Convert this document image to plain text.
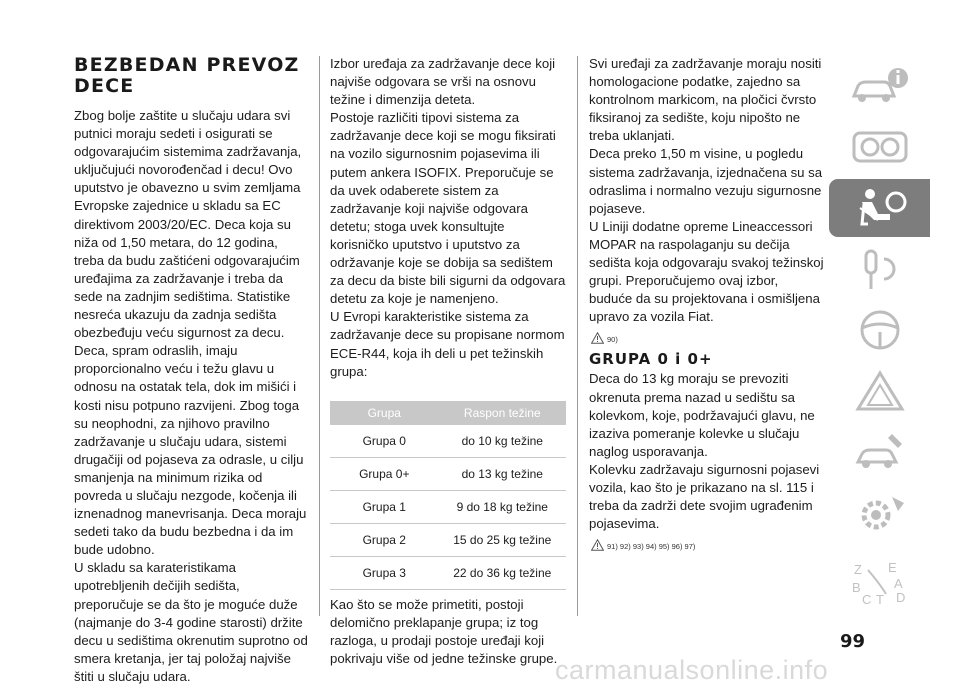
BEZBEDAN PREVOZ DECE

Zbog bolje zaštite u slučaju udara svi putnici moraju sedeti i osigurati se odgovarajućim sistemima zadržavanja, uključujući novorođenčad i decu! Ovo uputstvo je obavezno u svim zemljama Evropske zajednice u skladu sa EC direktivom 2003/20/EC. Deca koja su niža od 1,50 metara, do 12 godina, treba da budu zaštićeni odgovarajućim uređajima za zadržavanje i treba da sede na zadnjim sedištima. Statistike nesreća ukazuju da zadnja sedišta obezbeđuju veću sigurnost za decu. Deca, spram odraslih, imaju proporcionalno veću i težu glavu u odnosu na ostatak tela, dok im mišići i kosti nisu potpuno razvijeni. Zbog toga su neophodni, za njihovo pravilno zadržavanje u slučaju udara, sistemi drugačiji od pojaseva za odrasle, u cilju smanjenja na minimum rizika od povreda u slučaju nezgode, kočenja ili iznenadnog manevrisanja. Deca moraju sedeti tako da budu bezbedna i da im bude udobno.

U skladu sa karateristikama upotrebljenih dečijih sedišta, preporučuje se da što je moguće duže (najmanje do 3-4 godine starosti) držite decu u sedištima okrenutim suprotno od smera kretanja, jer taj položaj najviše štiti u slučaju udara.

Izbor uređaja za zadržavanje dece koji najviše odgovara se vrši na osnovu težine i dimenzija deteta.

Postoje različiti tipovi sistema za zadržavanje dece koji se mogu fiksirati na vozilo sigurnosnim pojasevima ili putem ankera ISOFIX. Preporučuje se da uvek odaberete sistem za zadržavanje koji najviše odgovara detetu; stoga uvek konsultujte korisničko uputstvo i uputstvo za održavanje koje se dobija sa sedištem za decu da biste bili sigurni da odgovara detetu za koje je namenjeno.

U Evropi karakteristike sistema za zadržavanje dece su propisane normom ECE-R44, koja ih deli u pet težinskih grupa:

Grupa	Raspon težine
Grupa 0	do 10 kg težine
Grupa 0+	do 13 kg težine
Grupa 1	9 do 18 kg težine
Grupa 2	15 do 25 kg težine
Grupa 3	22 do 36 kg težine

Kao što se može primetiti, postoji delomično preklapanje grupa; iz tog razloga, u prodaji postoje uređaji koji pokrivaju više od jedne težinske grupe.

Svi uređaji za zadržavanje moraju nositi homologacione podatke, zajedno sa kontrolnom markicom, na pločici čvrsto fiksiranoj za sedište, koju nipošto ne treba uklanjati.

Deca preko 1,50 m visine, u pogledu sistema zadržavanja, izjednačena su sa odraslima i normalno vezuju sigurnosne pojaseve.

U Liniji dodatne opreme Lineaccessori MOPAR na raspolaganju su dečija sedišta koja odgovaraju svakoj težinskoj grupi. Preporučujemo ovaj izbor, buduće da su projektovana i osmišljena upravo za vozila Fiat.

90)
GRUPA 0 i 0+

Deca do 13 kg moraju se prevoziti okrenuta prema nazad u sedištu sa kolevkom, koje, podržavajući glavu, ne izaziva pomeranje kolevke u slučaju naglog usporavanja.

Kolevku zadržavaju sigurnosni pojasevi vozila, kao što je prikazano na sl. 115 i treba da zadrži dete svojim ugrađenim pojasevima.

91) 92) 93) 94) 95) 96) 97)
Z E
A
B
D
C T
99
carmanualsonline.info
